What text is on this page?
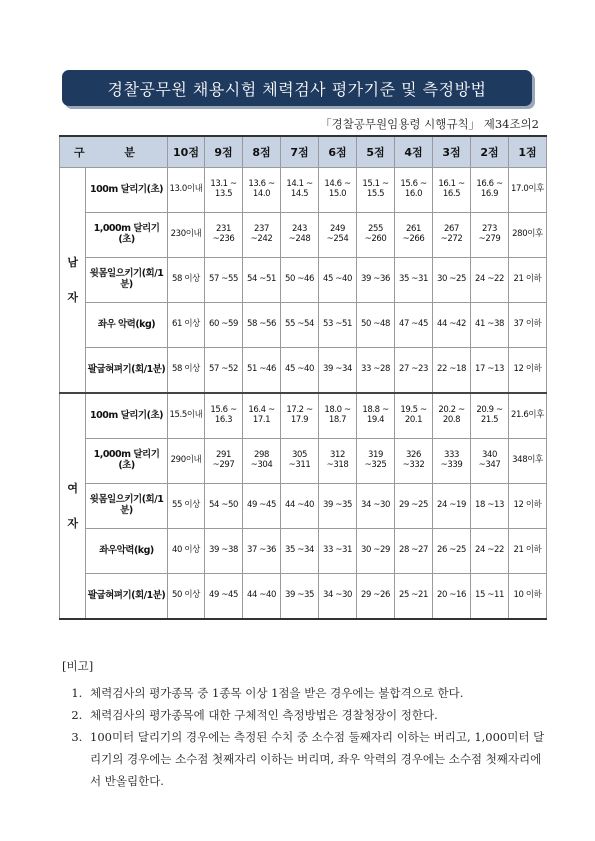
경찰공무원 채용시험 체력검사 평가기준 및 측정방법
「경찰공무원임용령 시행규칙」 제34조의2
구 분		10점	9점	8점	7점	6점	5점	4점	3점	2점	1점
남
자	100m 달리기(초)	13.0이내	13.1 ~ 13.5	13.6 ~ 14.0	14.1 ~ 14.5	14.6 ~ 15.0	15.1 ~ 15.5	15.6 ~ 16.0	16.1 ~ 16.5	16.6 ~ 16.9	17.0이후
	1,000m 달리기(초)	230이내	231 ~236	237 ~242	243 ~248	249 ~254	255 ~260	261 ~266	267 ~272	273 ~279	280이후
	윗몸일으키기(회/1분)	58 이상	57 ~55	54 ~51	50 ~46	45 ~40	39 ~36	35 ~31	30 ~25	24 ~22	21 이하
	좌우 악력(kg)	61 이상	60 ~59	58 ~56	55 ~54	53 ~51	50 ~48	47 ~45	44 ~42	41 ~38	37 이하
	팔굽혀펴기(회/1분)	58 이상	57 ~52	51 ~46	45 ~40	39 ~34	33 ~28	27 ~23	22 ~18	17 ~13	12 이하
여
자	100m 달리기(초)	15.5이내	15.6 ~ 16.3	16.4 ~ 17.1	17.2 ~ 17.9	18.0 ~ 18.7	18.8 ~ 19.4	19.5 ~ 20.1	20.2 ~ 20.8	20.9 ~ 21.5	21.6이후
	1,000m 달리기(초)	290이내	291 ~297	298 ~304	305 ~311	312 ~318	319 ~325	326 ~332	333 ~339	340 ~347	348이후
	윗몸일으키기(회/1분)	55 이상	54 ~50	49 ~45	44 ~40	39 ~35	34 ~30	29 ~25	24 ~19	18 ~13	12 이하
	좌우악력(kg)	40 이상	39 ~38	37 ~36	35 ~34	33 ~31	30 ~29	28 ~27	26 ~25	24 ~22	21 이하
	팔굽혀펴기(회/1분)	50 이상	49 ~45	44 ~40	39 ~35	34 ~30	29 ~26	25 ~21	20 ~16	15 ~11	10 이하
[비고]
1. 체력검사의 평가종목 중 1종목 이상 1점을 받은 경우에는 불합격으로 한다.
2. 체력검사의 평가종목에 대한 구체적인 측정방법은 경찰청장이 정한다.
3. 100미터 달리기의 경우에는 측정된 수치 중 소수점 둘째자리 이하는 버리고, 1,000미터 달리기의 경우에는 소수점 첫째자리 이하는 버리며, 좌우 악력의 경우에는 소수점 첫째자리에서 반올림한다.
